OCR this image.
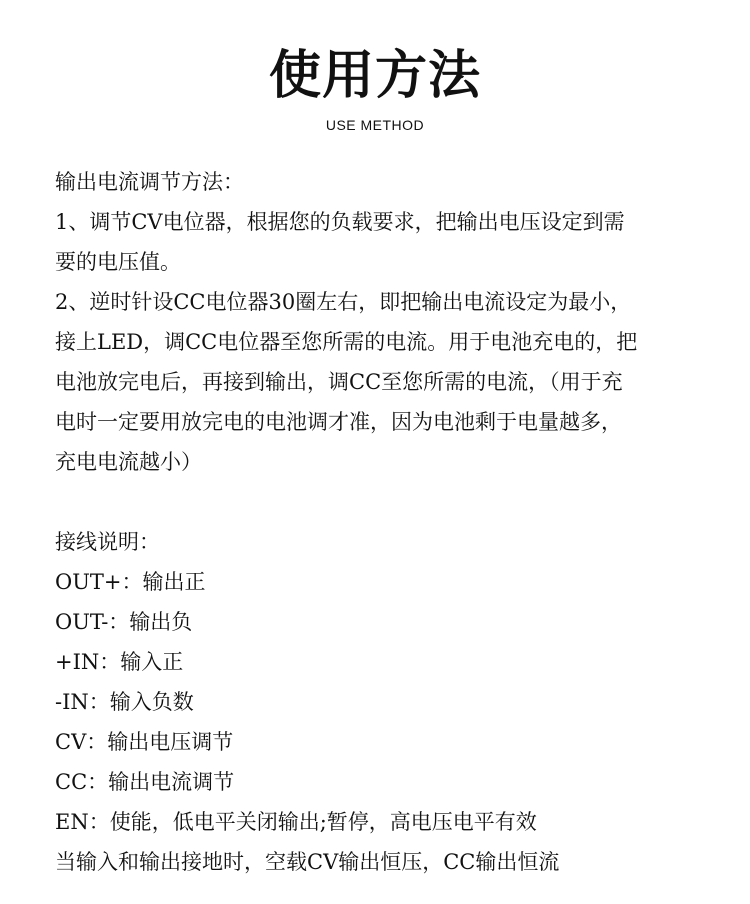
使用方法
USE METHOD

输出电流调节方法：

1、调节CV电位器，根据您的负载要求，把输出电压设定到需

要的电压值。

2、逆时针设CC电位器30圈左右，即把输出电流设定为最小，

接上LED，调CC电位器至您所需的电流。用于电池充电的，把

电池放完电后，再接到输出，调CC至您所需的电流，（用于充

电时一定要用放完电的电池调才准，因为电池剩于电量越多，

充电电流越小）

接线说明：

OUT+：输出正

OUT-：输出负

+IN：输入正

-IN：输入负数

CV：输出电压调节

CC：输出电流调节

EN：使能，低电平关闭输出;暂停，高电压电平有效

当输入和输出接地时，空载CV输出恒压，CC输出恒流
